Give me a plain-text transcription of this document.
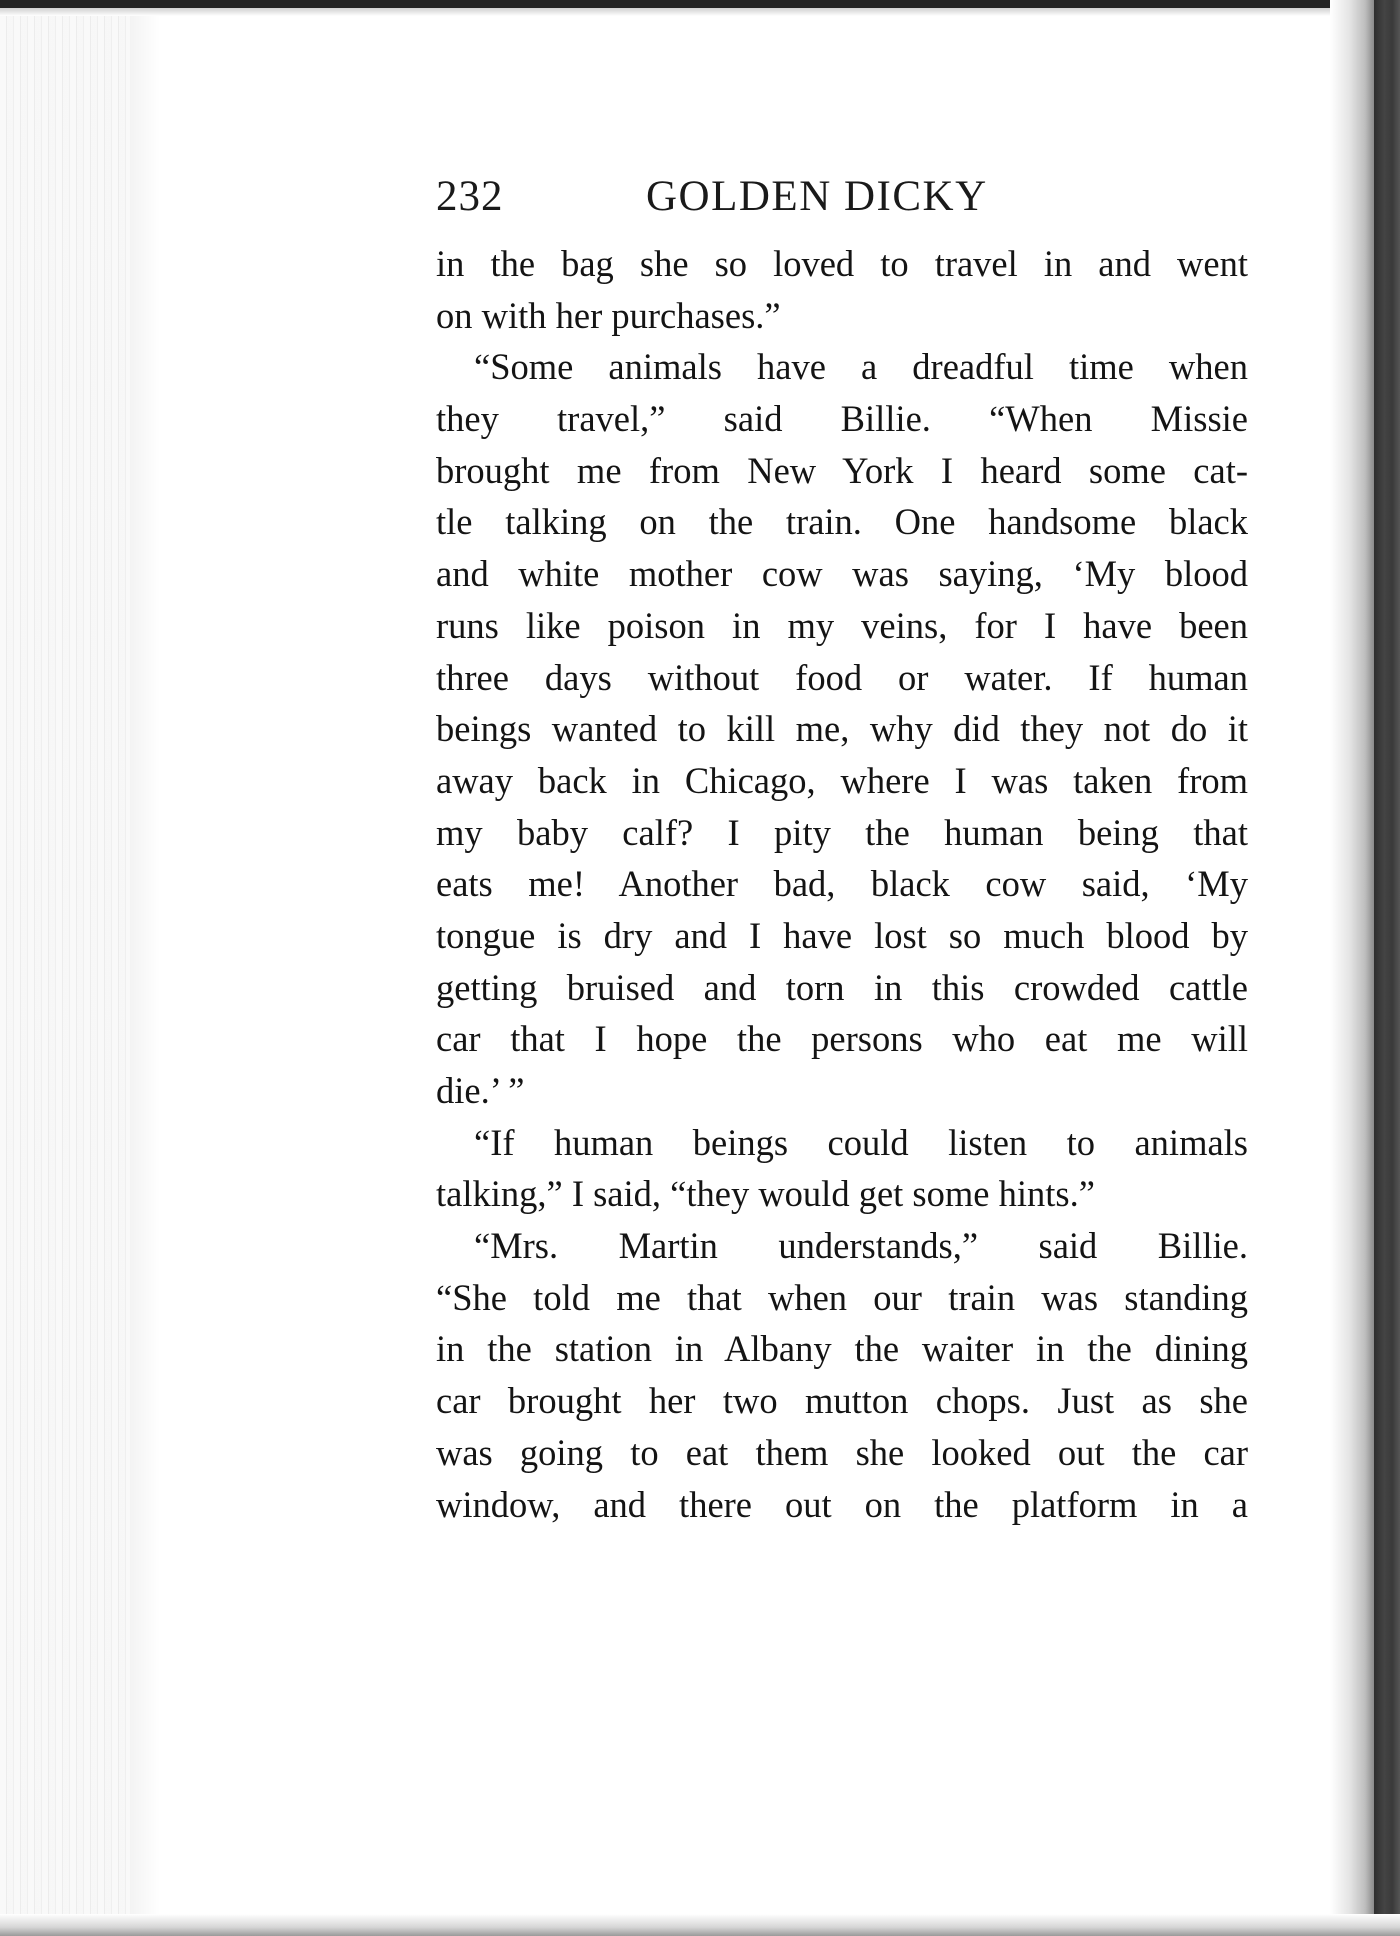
232	GOLDEN DICKY
in the bag she so loved to travel in and went
on with her purchases.”
“Some animals have a dreadful time when
they travel,” said Billie. “When Missie
brought me from New York I heard some cat-
tle talking on the train. One handsome black
and white mother cow was saying, ‘My blood
runs like poison in my veins, for I have been
three days without food or water. If human
beings wanted to kill me, why did they not do it
away back in Chicago, where I was taken from
my baby calf? I pity the human being that
eats me! Another bad, black cow said, ‘My
tongue is dry and I have lost so much blood by
getting bruised and torn in this crowded cattle
car that I hope the persons who eat me will
die.’ ”
“If human beings could listen to animals
talking,” I said, “they would get some hints.”
“Mrs. Martin understands,” said Billie.
“She told me that when our train was standing
in the station in Albany the waiter in the dining
car brought her two mutton chops. Just as she
was going to eat them she looked out the car
window, and there out on the platform in a
